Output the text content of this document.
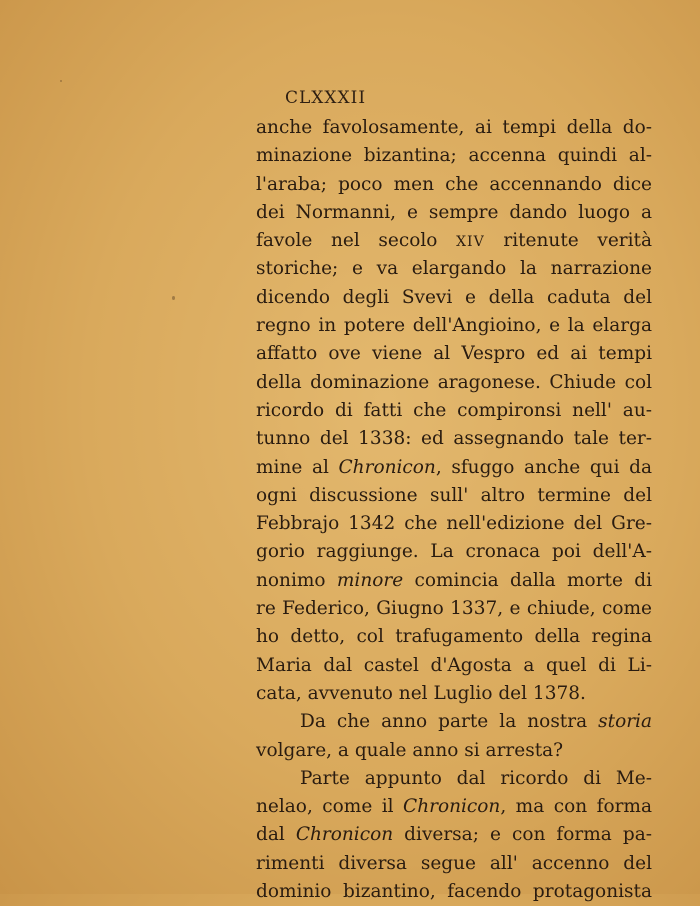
CLXXXII
anche favolosamente, ai tempi della do-
minazione bizantina; accenna quindi al-
l'araba; poco men che accennando dice
dei Normanni, e sempre dando luogo a
favole nel secolo XIV ritenute verità
storiche; e va elargando la narrazione
dicendo degli Svevi e della caduta del
regno in potere dell'Angioino, e la elarga
affatto ove viene al Vespro ed ai tempi
della dominazione aragonese. Chiude col
ricordo di fatti che compironsi nell' au-
tunno del 1338: ed assegnando tale ter-
mine al Chronicon, sfuggo anche qui da
ogni discussione sull' altro termine del
Febbrajo 1342 che nell'edizione del Gre-
gorio raggiunge. La cronaca poi dell'A-
nonimo minore comincia dalla morte di
re Federico, Giugno 1337, e chiude, come
ho detto, col trafugamento della regina
Maria dal castel d'Agosta a quel di Li-
cata, avvenuto nel Luglio del 1378.
Da che anno parte la nostra storia
volgare, a quale anno si arresta?
Parte appunto dal ricordo di Me-
nelao, come il Chronicon, ma con forma
dal Chronicon diversa; e con forma pa-
rimenti diversa segue all' accenno del
dominio bizantino, facendo protagonista
